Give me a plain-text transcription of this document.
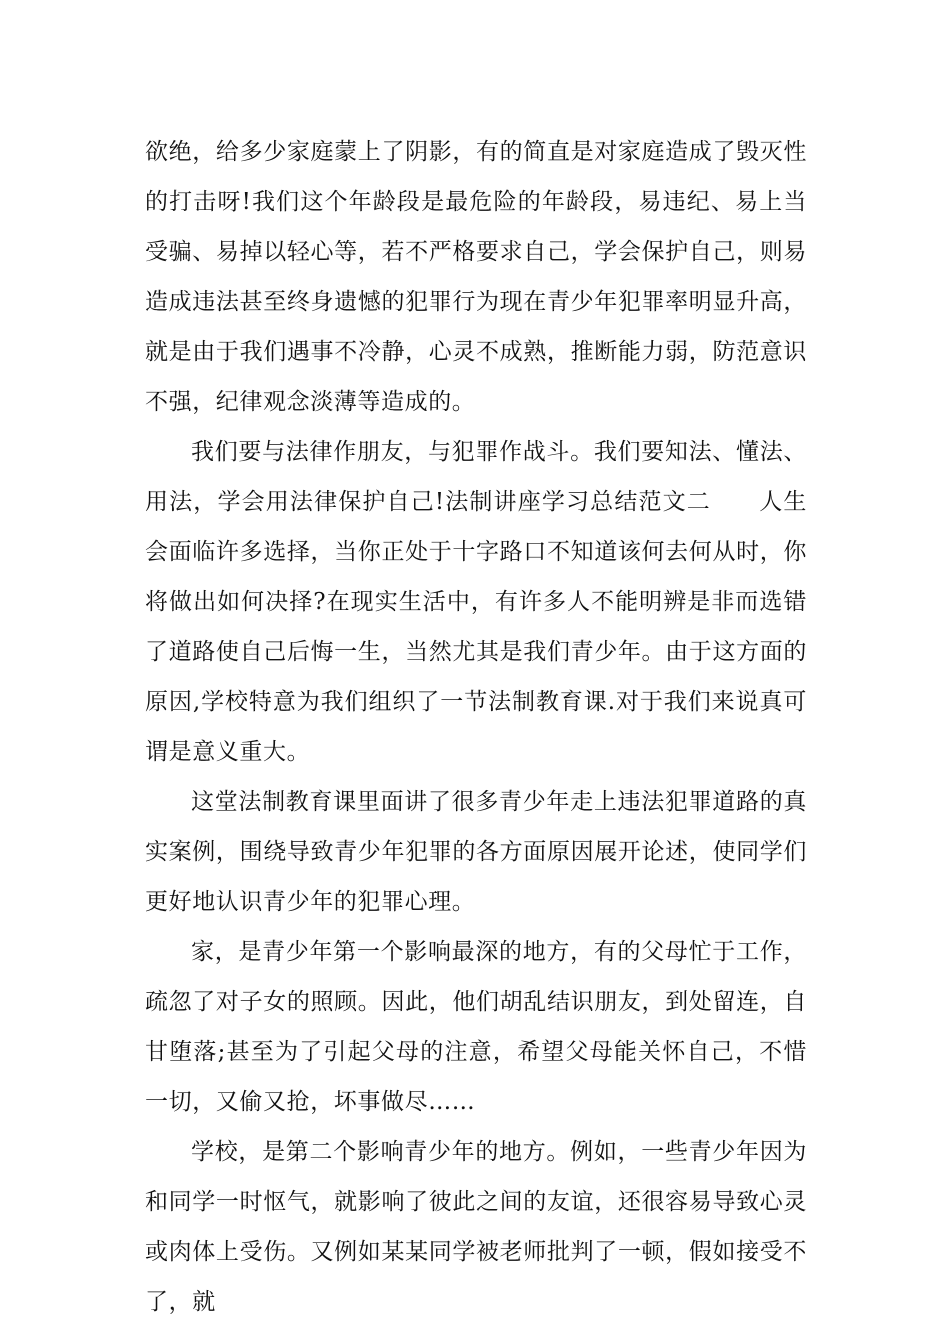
欲绝，给多少家庭蒙上了阴影，有的简直是对家庭造成了毁灭性的打击呀!我们这个年龄段是最危险的年龄段，易违纪、易上当受骗、易掉以轻心等，若不严格要求自己，学会保护自己，则易造成违法甚至终身遗憾的犯罪行为现在青少年犯罪率明显升高，就是由于我们遇事不冷静，心灵不成熟，推断能力弱，防范意识不强，纪律观念淡薄等造成的。

我们要与法律作朋友，与犯罪作战斗。我们要知法、懂法、用法，学会用法律保护自己!法制讲座学习总结范文二　　人生会面临许多选择，当你正处于十字路口不知道该何去何从时，你将做出如何决择?在现实生活中，有许多人不能明辨是非而选错了道路使自己后悔一生，当然尤其是我们青少年。由于这方面的原因,学校特意为我们组织了一节法制教育课.对于我们来说真可谓是意义重大。

这堂法制教育课里面讲了很多青少年走上违法犯罪道路的真实案例，围绕导致青少年犯罪的各方面原因展开论述，使同学们更好地认识青少年的犯罪心理。

家，是青少年第一个影响最深的地方，有的父母忙于工作，疏忽了对子女的照顾。因此，他们胡乱结识朋友，到处留连，自甘堕落;甚至为了引起父母的注意，希望父母能关怀自己，不惜一切，又偷又抢，坏事做尽……

学校，是第二个影响青少年的地方。例如，一些青少年因为和同学一时怄气，就影响了彼此之间的友谊，还很容易导致心灵或肉体上受伤。又例如某某同学被老师批判了一顿，假如接受不了，就
